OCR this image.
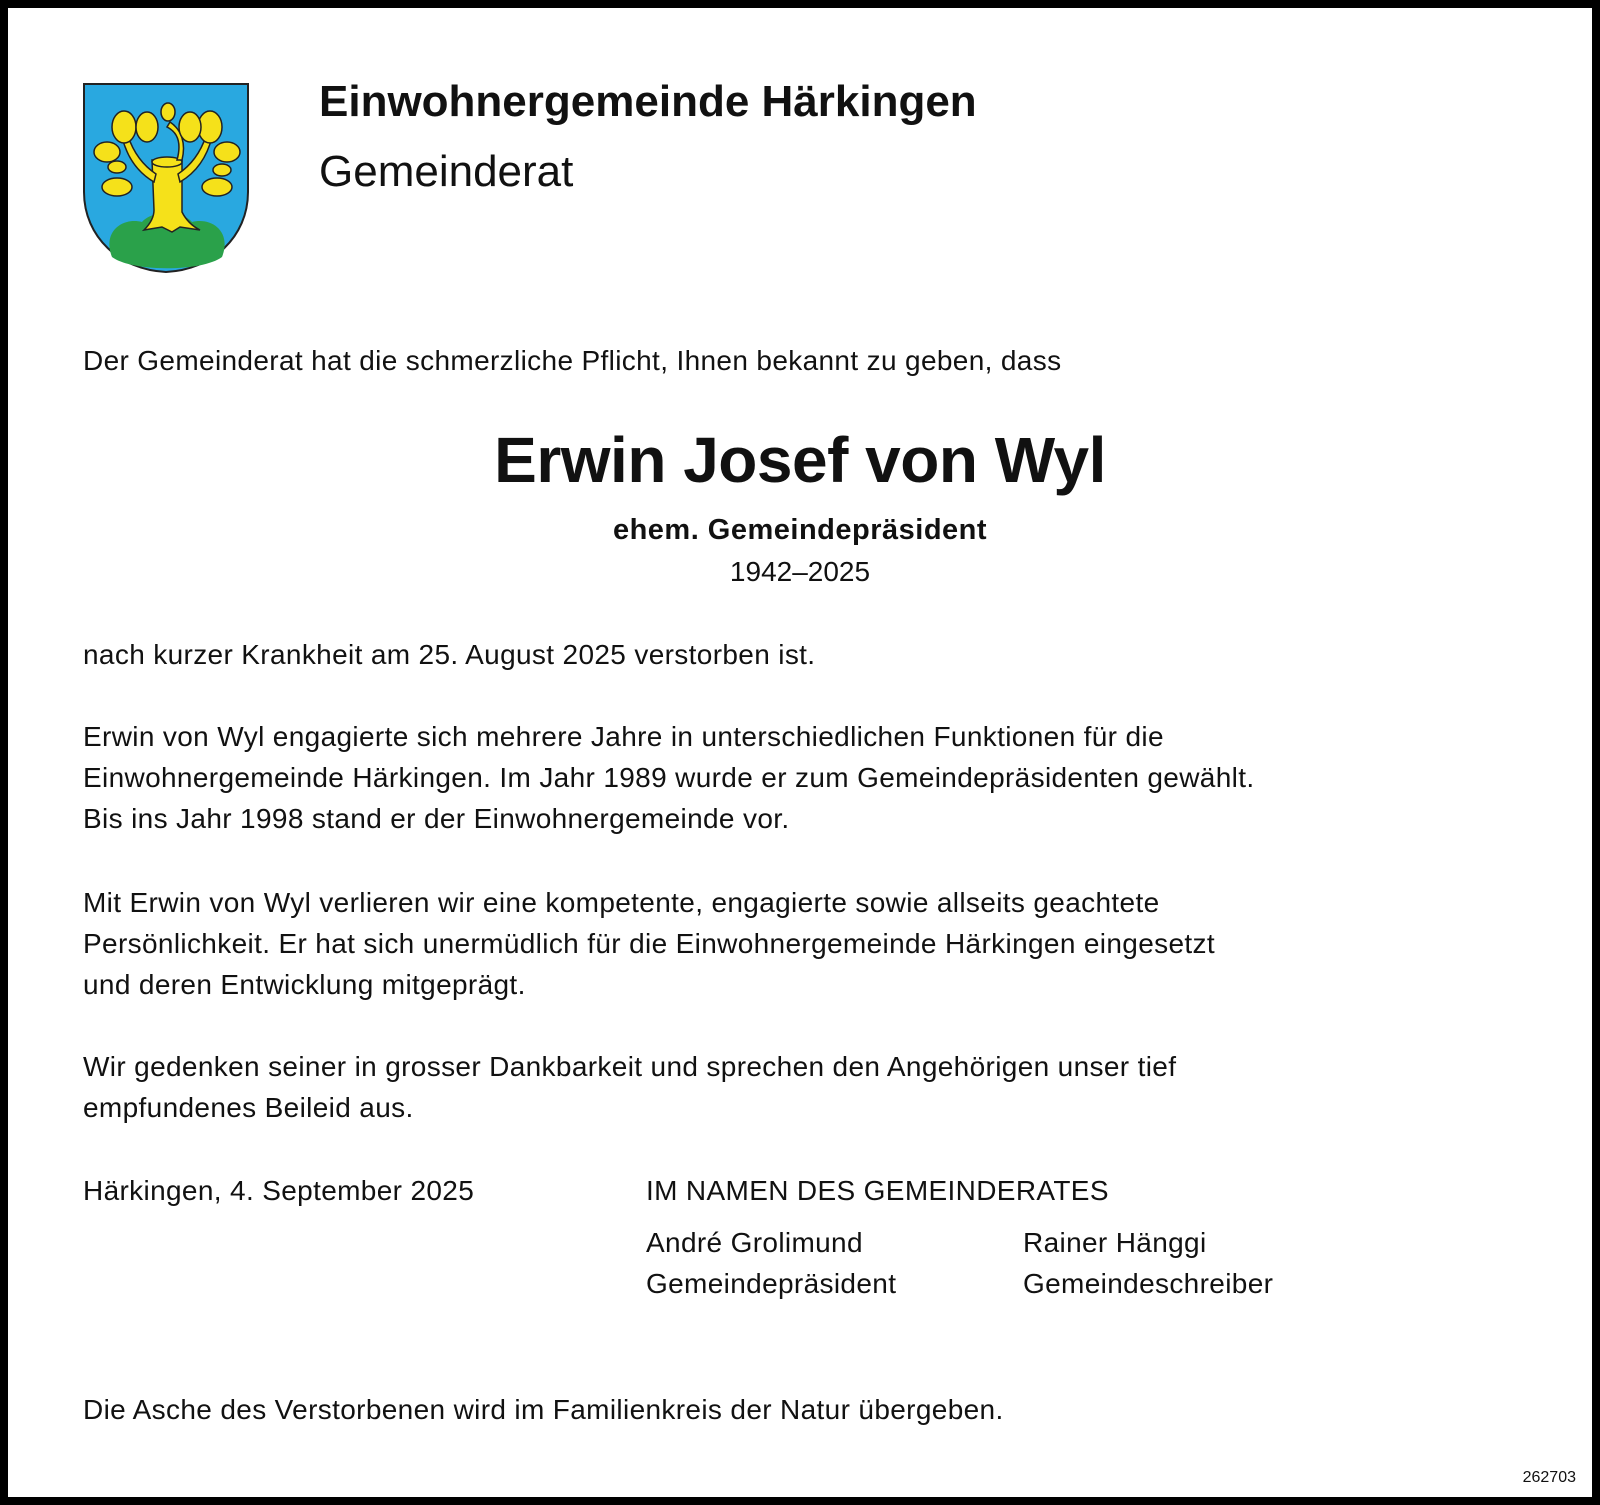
Einwohnergemeinde Härkingen
Gemeinderat
Der Gemeinderat hat die schmerzliche Pflicht, Ihnen bekannt zu geben, dass
Erwin Josef von Wyl
ehem. Gemeindepräsident
1942–2025
nach kurzer Krankheit am 25. August 2025 verstorben ist.
Erwin von Wyl engagierte sich mehrere Jahre in unterschiedlichen Funktionen für die
Einwohnergemeinde Härkingen. Im Jahr 1989 wurde er zum Gemeindepräsidenten gewählt.
Bis ins Jahr 1998 stand er der Einwohnergemeinde vor.
Mit Erwin von Wyl verlieren wir eine kompetente, engagierte sowie allseits geachtete
Persönlichkeit. Er hat sich unermüdlich für die Einwohnergemeinde Härkingen eingesetzt
und deren Entwicklung mitgeprägt.
Wir gedenken seiner in grosser Dankbarkeit und sprechen den Angehörigen unser tief
empfundenes Beileid aus.
Härkingen, 4. September 2025	IM NAMEN DES GEMEINDERATES
André Grolimund
Gemeindepräsident
Rainer Hänggi
Gemeindeschreiber
Die Asche des Verstorbenen wird im Familienkreis der Natur übergeben.
262703
